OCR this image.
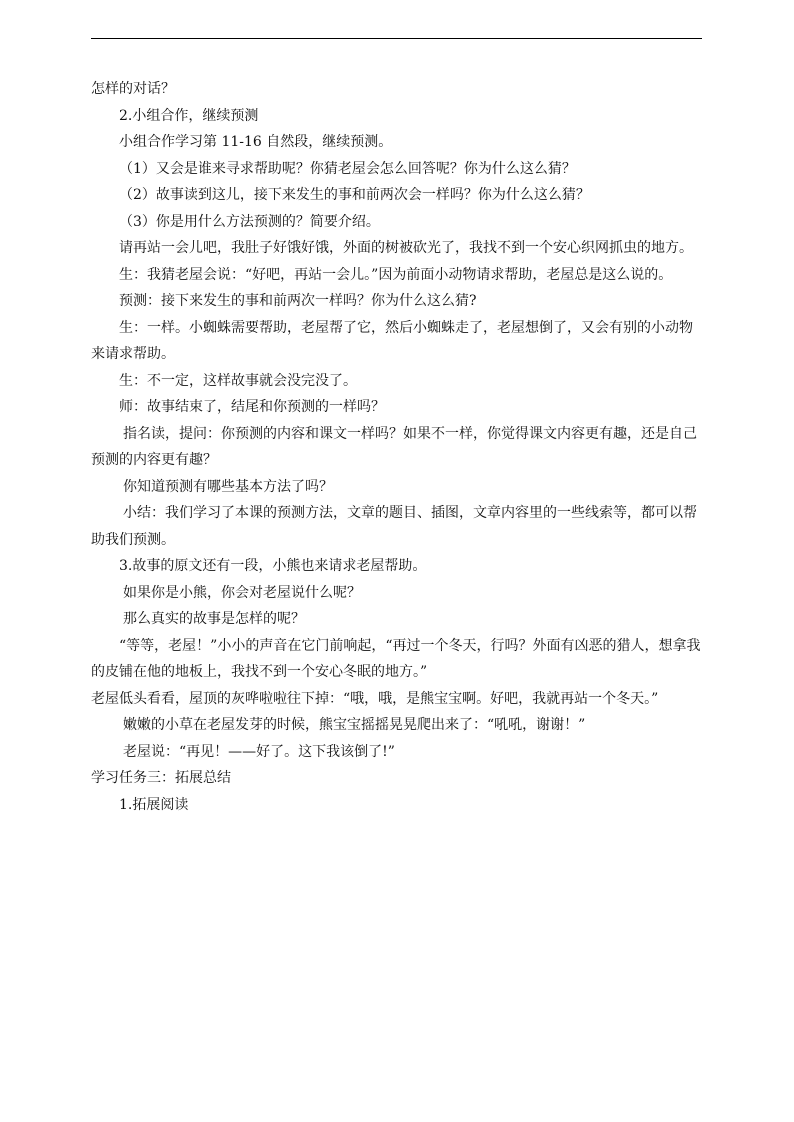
怎样的对话？

2.小组合作，继续预测

小组合作学习第 11-16 自然段，继续预测。

（1）又会是谁来寻求帮助呢？你猜老屋会怎么回答呢？你为什么这么猜？

（2）故事读到这儿，接下来发生的事和前两次会一样吗？你为什么这么猜？

（3）你是用什么方法预测的？简要介绍。

请再站一会儿吧，我肚子好饿好饿，外面的树被砍光了，我找不到一个安心织网抓虫的地方。

生：我猜老屋会说：“好吧，再站一会儿。”因为前面小动物请求帮助，老屋总是这么说的。

预测：接下来发生的事和前两次一样吗？你为什么这么猜?

生：一样。小蜘蛛需要帮助，老屋帮了它，然后小蜘蛛走了，老屋想倒了，又会有别的小动物来请求帮助。

生：不一定，这样故事就会没完没了。

师：故事结束了，结尾和你预测的一样吗？

指名读，提问：你预测的内容和课文一样吗？如果不一样，你觉得课文内容更有趣，还是自己预测的内容更有趣？

你知道预测有哪些基本方法了吗？

小结：我们学习了本课的预测方法，文章的题目、插图，文章内容里的一些线索等，都可以帮助我们预测。

3.故事的原文还有一段，小熊也来请求老屋帮助。

如果你是小熊，你会对老屋说什么呢？

那么真实的故事是怎样的呢？

“等等，老屋！”小小的声音在它门前响起，“再过一个冬天，行吗？外面有凶恶的猎人，想拿我的皮铺在他的地板上，我找不到一个安心冬眠的地方。”

老屋低头看看，屋顶的灰哗啦啦往下掉：“哦，哦，是熊宝宝啊。好吧，我就再站一个冬天。”

嫩嫩的小草在老屋发芽的时候，熊宝宝摇摇晃晃爬出来了：“吼吼，谢谢！”

老屋说：“再见！——好了。这下我该倒了!”

学习任务三：拓展总结

1.拓展阅读
